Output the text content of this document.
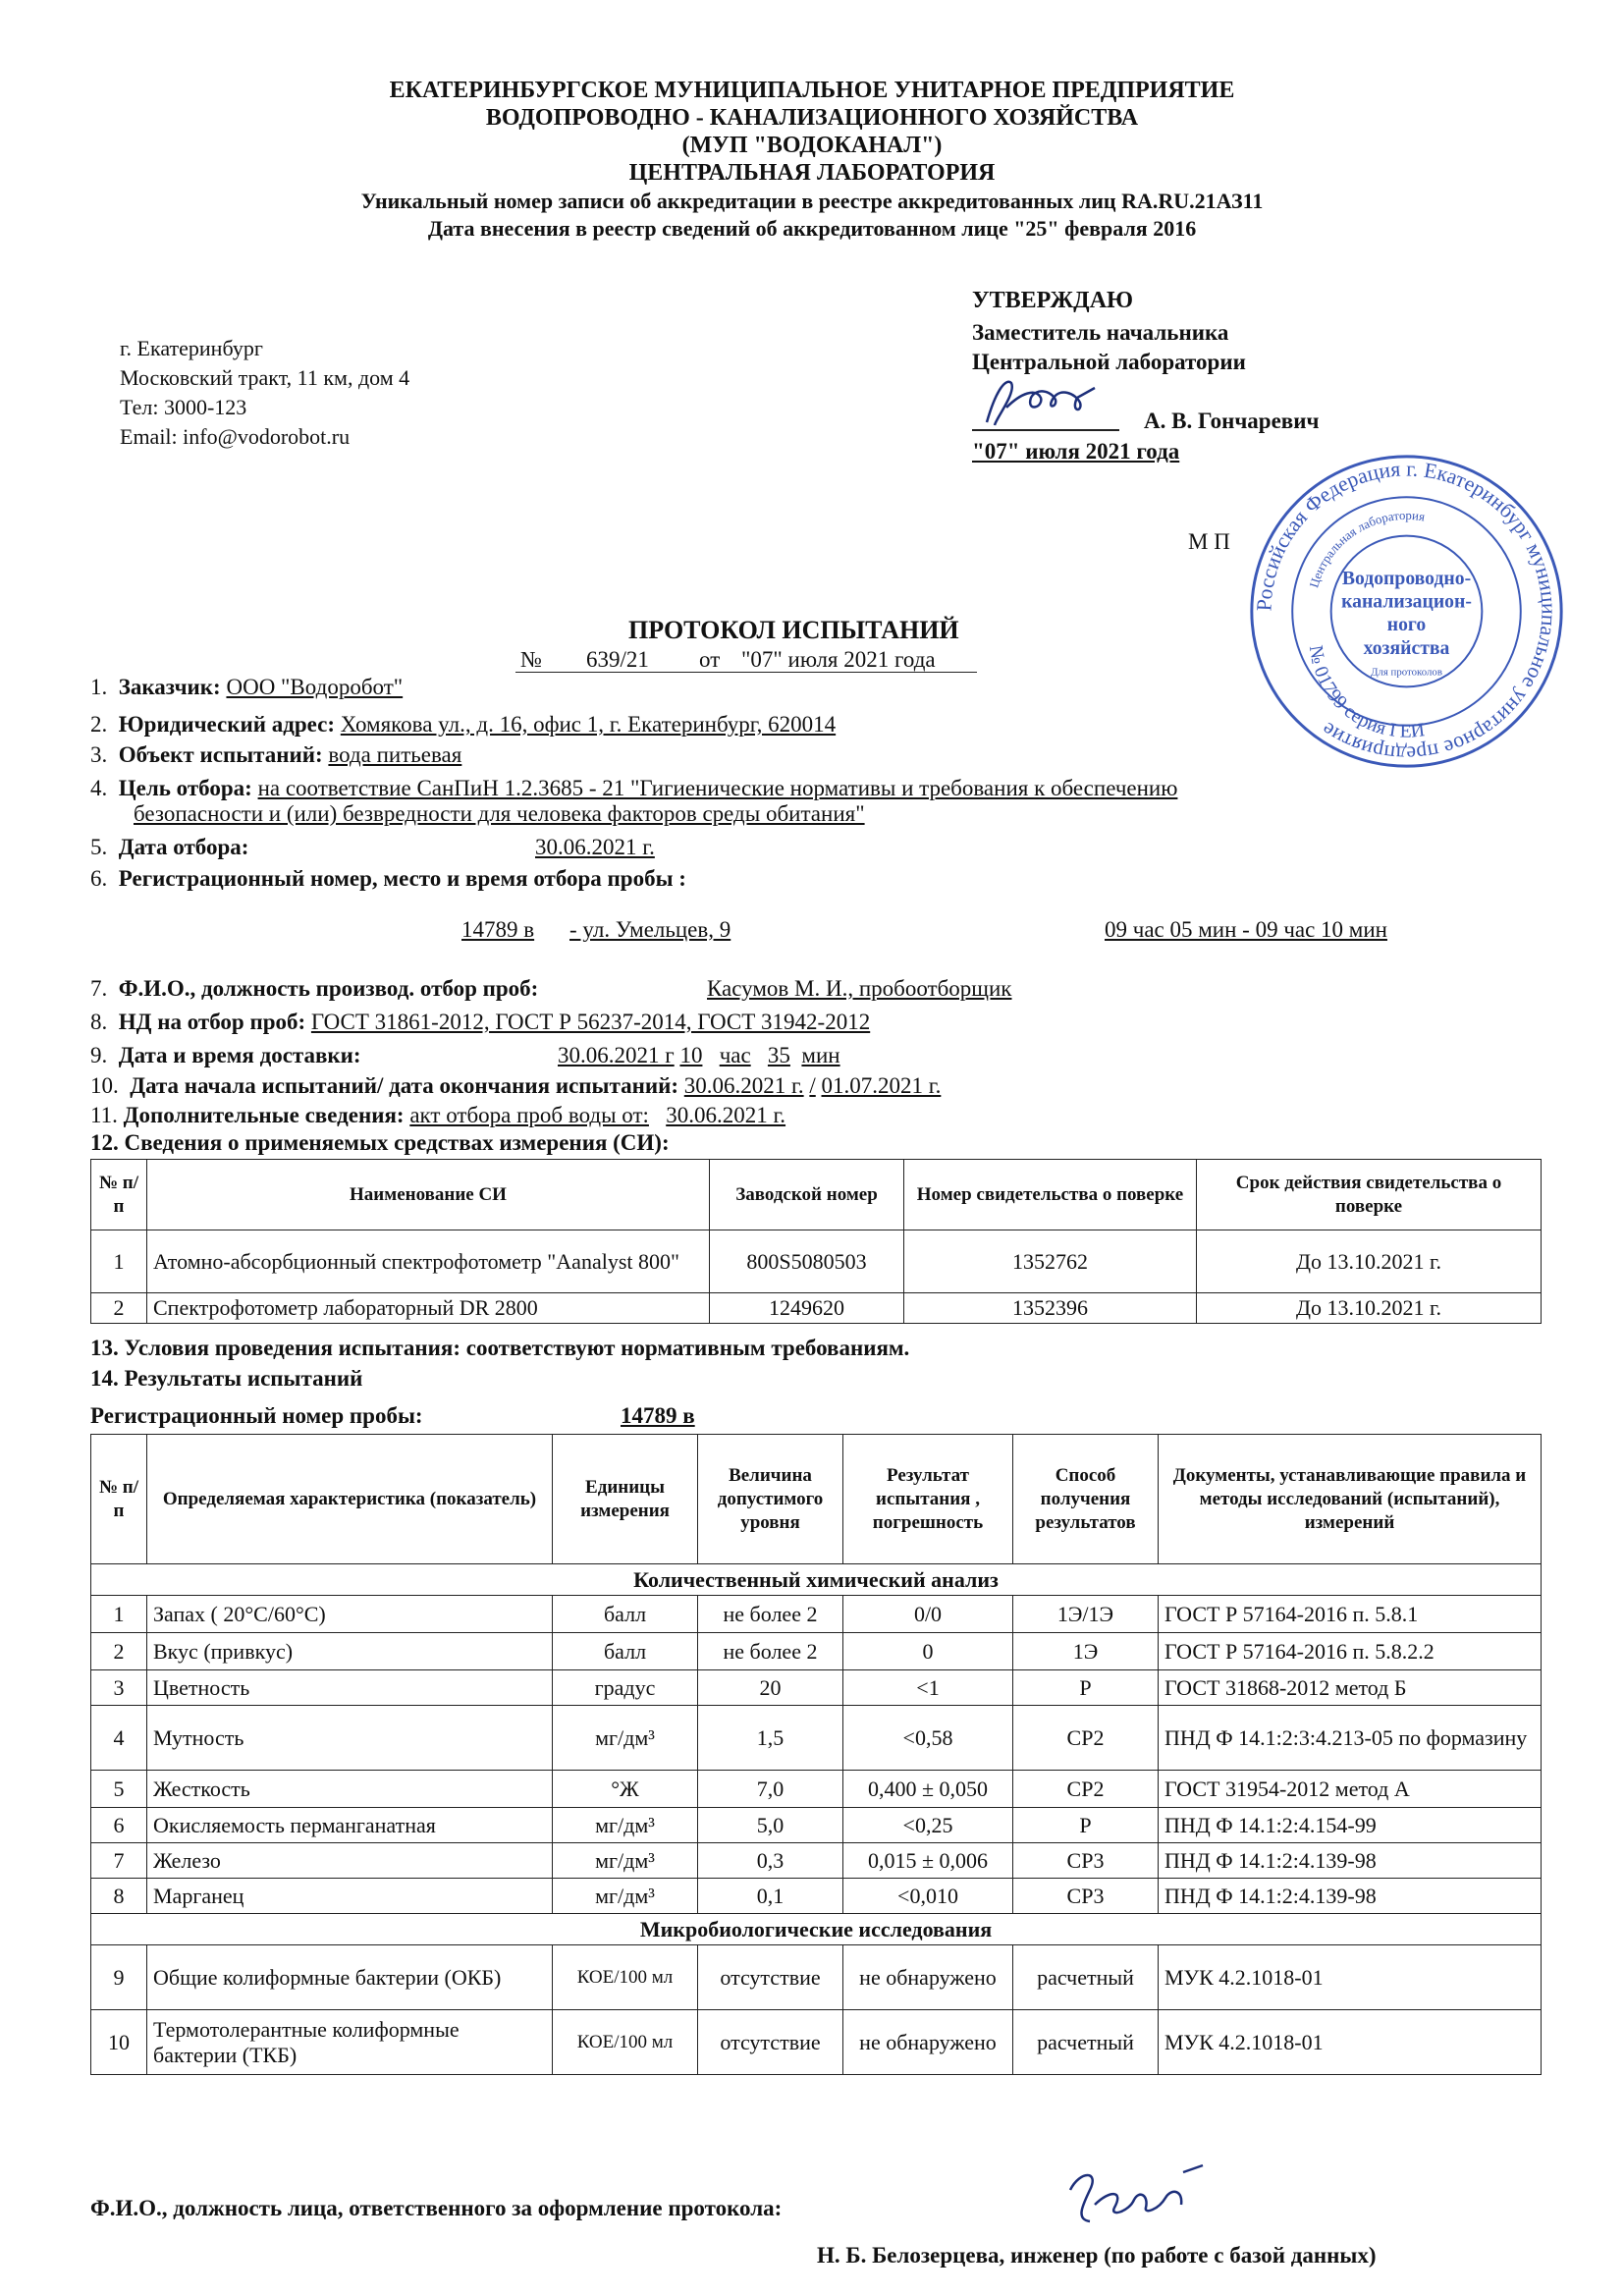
ЕКАТЕРИНБУРГСКОЕ МУНИЦИПАЛЬНОЕ УНИТАРНОЕ ПРЕДПРИЯТИЕ
ВОДОПРОВОДНО - КАНАЛИЗАЦИОННОГО ХОЗЯЙСТВА
(МУП "ВОДОКАНАЛ")
ЦЕНТРАЛЬНАЯ ЛАБОРАТОРИЯ
Уникальный номер записи об аккредитации в реестре аккредитованных лиц RA.RU.21АЗ11
Дата внесения в реестр сведений об аккредитованном лице "25" февраля 2016
УТВЕРЖДАЮ
Заместитель начальника
Центральной лаборатории
А. В. Гончаревич
"07" июля 2021 года
М П
Российская Федерация г. Екатеринбург муниципальное унитарное предприятие
Центральная лаборатория
Водопроводно-
канализацион-
ного
хозяйства
Для протоколов
№ 01799 серия I ЕИ
г. Екатеринбург
Московский тракт, 11 км, дом 4
Тел: 3000-123
Email: info@vodorobot.ru
ПРОТОКОЛ ИСПЫТАНИЙ
№ 639/21 от "07" июля 2021 года
1. Заказчик: ООО "Водоробот"
2. Юридический адрес: Хомякова ул., д. 16, офис 1, г. Екатеринбург, 620014
3. Объект испытаний: вода питьевая
4. Цель отбора: на соответствие СанПиН 1.2.3685 - 21 "Гигиенические нормативы и требования к обеспечению
безопасности и (или) безвредности для человека факторов среды обитания"
5. Дата отбора:	30.06.2021 г.
6. Регистрационный номер, место и время отбора пробы :
14789 в - ул. Умельцев, 9	09 час 05 мин - 09 час 10 мин
7. Ф.И.О., должность производ. отбор проб:	Касумов М. И., пробоотборщик
8. НД на отбор проб: ГОСТ 31861-2012, ГОСТ Р 56237-2014, ГОСТ 31942-2012
9. Дата и время доставки:	30.06.2021 г 10 час 35 мин
10. Дата начала испытаний/ дата окончания испытаний: 30.06.2021 г. / 01.07.2021 г.
11. Дополнительные сведения: акт отбора проб воды от: 30.06.2021 г.
12. Сведения о применяемых средствах измерения (СИ):
№ п/п	Наименование СИ	Заводской номер	Номер свидетельства о поверке	Срок действия свидетельства о поверке
1	Атомно-абсорбционный спектрофотометр "Aanalyst 800"	800S5080503	1352762	До 13.10.2021 г.
2	Спектрофотометр лабораторный DR 2800	1249620	1352396	До 13.10.2021 г.
13. Условия проведения испытания: соответствуют нормативным требованиям.
14. Результаты испытаний
Регистрационный номер пробы:	14789 в
№ п/п	Определяемая характеристика (показатель)	Единицы измерения	Величина допустимого уровня	Результат испытания , погрешность	Способ получения результатов	Документы, устанавливающие правила и методы исследований (испытаний), измерений
Количественный химический анализ						
1	Запах ( 20°С/60°С)	балл	не более 2	0/0	1Э/1Э	ГОСТ Р 57164-2016 п. 5.8.1
2	Вкус (привкус)	балл	не более 2	0	1Э	ГОСТ Р 57164-2016 п. 5.8.2.2
3	Цветность	градус	20	<1	Р	ГОСТ 31868-2012 метод Б
4	Мутность	мг/дм³	1,5	<0,58	СР2	ПНД Ф 14.1:2:3:4.213-05 по формазину
5	Жесткость	°Ж	7,0	0,400 ± 0,050	СР2	ГОСТ 31954-2012 метод А
6	Окисляемость перманганатная	мг/дм³	5,0	<0,25	Р	ПНД Ф 14.1:2:4.154-99
7	Железо	мг/дм³	0,3	0,015 ± 0,006	СР3	ПНД Ф 14.1:2:4.139-98
8	Марганец	мг/дм³	0,1	<0,010	СР3	ПНД Ф 14.1:2:4.139-98
Микробиологические исследования						
9	Общие колиформные бактерии (ОКБ)	КОЕ/100 мл	отсутствие	не обнаружено	расчетный	МУК 4.2.1018-01
10	Термотолерантные колиформные бактерии (ТКБ)	КОЕ/100 мл	отсутствие	не обнаружено	расчетный	МУК 4.2.1018-01
Ф.И.О., должность лица, ответственного за оформление протокола:
Н. Б. Белозерцева, инженер (по работе с базой данных)
